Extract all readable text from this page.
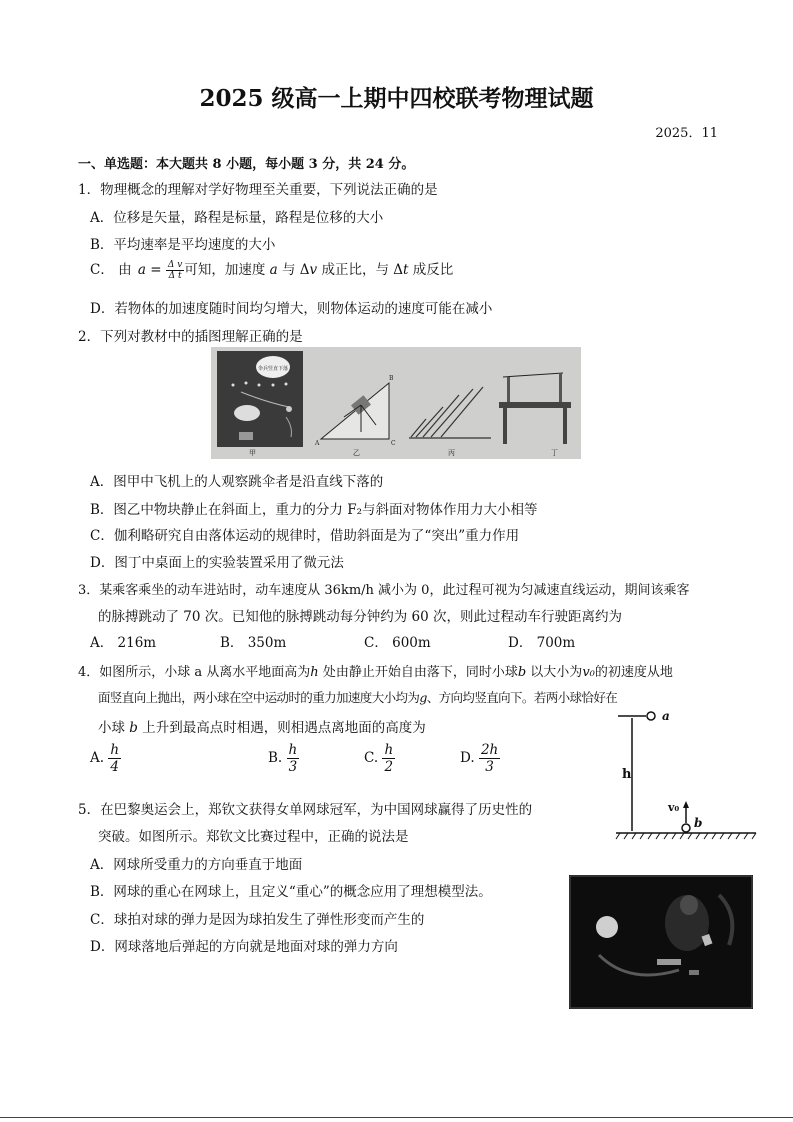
2025 级高一上期中四校联考物理试题
2025．11
一、单选题：本大题共 8 小题，每小题 3 分，共 24 分。
1．物理概念的理解对学好物理至关重要，下列说法正确的是
A．位移是矢量，路程是标量，路程是位移的大小
B．平均速率是平均速度的大小
C． 由 $a = \frac{\text{Δ v}}{\text{Δ t}}$ 可知，加速度 a 与 Δv 成正比，与 Δt 成反比
D．若物体的加速度随时间均匀增大，则物体运动的速度可能在减小
2．下列对教材中的插图理解正确的是
伞兵竖直下落
甲
A
B
C
乙	丙	丁
A．图甲中飞机上的人观察跳伞者是沿直线下落的
B．图乙中物块静止在斜面上，重力的分力 F₂与斜面对物体作用力大小相等
C．伽利略研究自由落体运动的规律时，借助斜面是为了“突出”重力作用
D．图丁中桌面上的实验装置采用了微元法
3．某乘客乘坐的动车进站时，动车速度从 36km/h 减小为 0，此过程可视为匀减速直线运动，期间该乘客
的脉搏跳动了 70 次。已知他的脉搏跳动每分钟约为 60 次，则此过程动车行驶距离约为
A． 216m	B． 350m	C． 600m	D． 700m
4．如图所示，小球 a 从离水平地面高为h 处由静止开始自由落下，同时小球b 以大小为v₀的初速度从地
面竖直向上抛出，两小球在空中运动时的重力加速度大小均为g、方向均竖直向下。若两小球恰好在
小球 b 上升到最高点时相遇，则相遇点离地面的高度为
A. $\frac{h}{4}$	B. $\frac{h}{3}$	C. $\frac{h}{2}$	D. $\frac{2h}{3}$
a
h
v₀
b
5．在巴黎奥运会上，郑钦文获得女单网球冠军，为中国网球赢得了历史性的
突破。如图所示。郑钦文比赛过程中，正确的说法是
A．网球所受重力的方向垂直于地面
B．网球的重心在网球上，且定义“重心”的概念应用了理想模型法。
C．球拍对球的弹力是因为球拍发生了弹性形变而产生的
D．网球落地后弹起的方向就是地面对球的弹力方向
